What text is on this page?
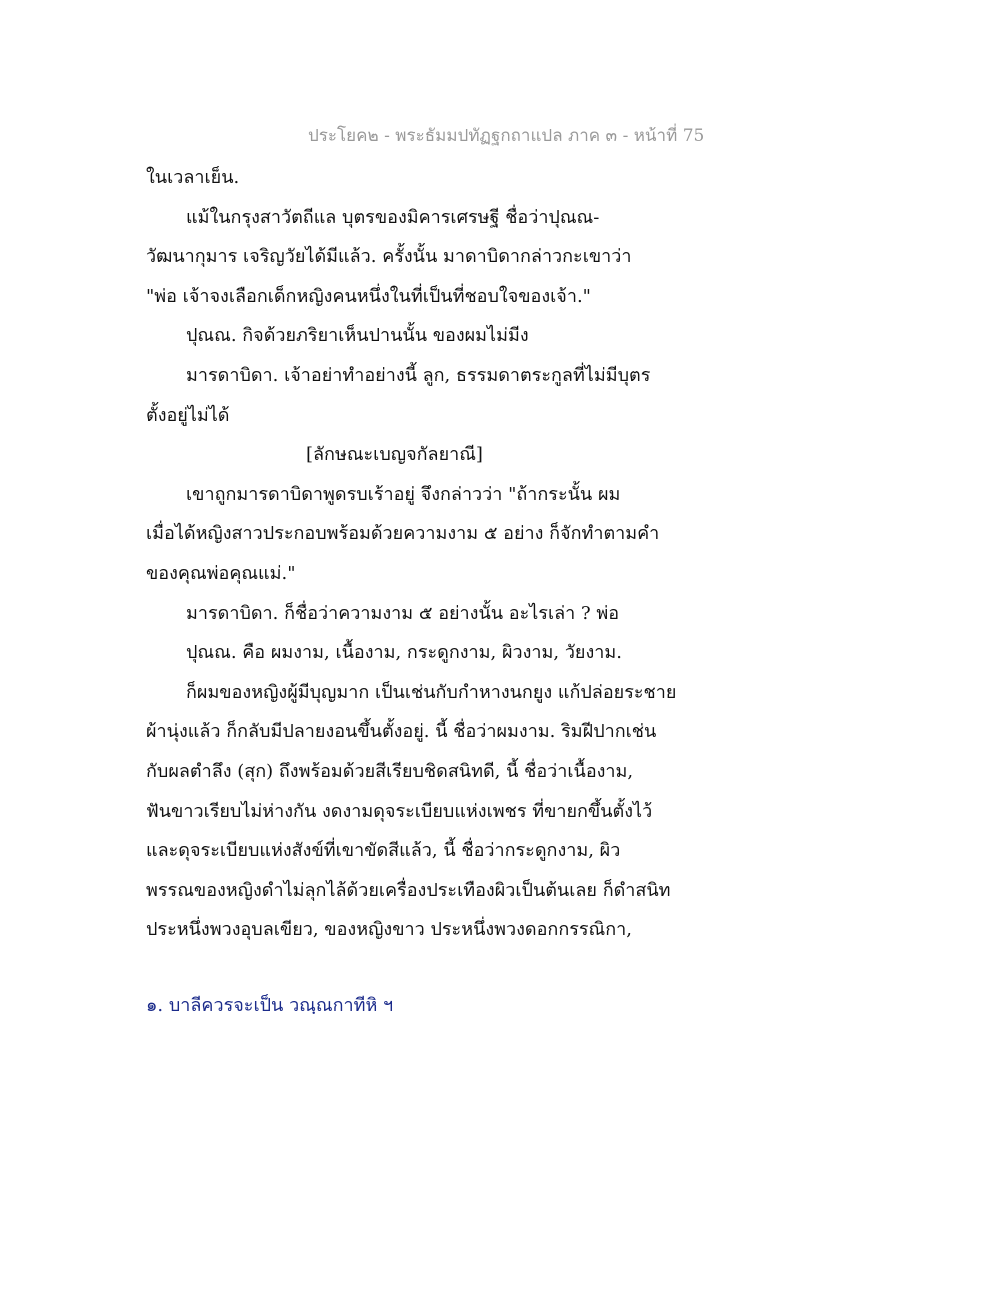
ประโยค๒ - พระธัมมปทัฏฐกถาแปล ภาค ๓ - หน้าที่ 75
ในเวลาเย็น.
แม้ในกรุงสาวัตถีแล บุตรของมิคารเศรษฐี ชื่อว่าปุณณ-
วัฒนากุมาร เจริญวัยได้มีแล้ว. ครั้งนั้น มาดาบิดากล่าวกะเขาว่า
"พ่อ เจ้าจงเลือกเด็กหญิงคนหนึ่งในที่เป็นที่ชอบใจของเจ้า."
ปุณณ. กิจด้วยภริยาเห็นปานนั้น ของผมไม่มีง
มารดาบิดา. เจ้าอย่าทำอย่างนี้ ลูก, ธรรมดาตระกูลที่ไม่มีบุตร
ตั้งอยู่ไม่ได้
[ลักษณะเบญจกัลยาณี]
เขาถูกมารดาบิดาพูดรบเร้าอยู่ จึงกล่าวว่า "ถ้ากระนั้น ผม
เมื่อได้หญิงสาวประกอบพร้อมด้วยความงาม ๕ อย่าง ก็จักทำตามคำ
ของคุณพ่อคุณแม่."
มารดาบิดา. ก็ชื่อว่าความงาม ๕ อย่างนั้น อะไรเล่า ? พ่อ
ปุณณ. คือ ผมงาม, เนื้องาม, กระดูกงาม, ผิวงาม, วัยงาม.
ก็ผมของหญิงผู้มีบุญมาก เป็นเช่นกับกำหางนกยูง แก้ปล่อยระชาย
ผ้านุ่งแล้ว ก็กลับมีปลายงอนขึ้นตั้งอยู่. นี้ ชื่อว่าผมงาม. ริมฝีปากเช่น
กับผลตำลึง (สุก) ถึงพร้อมด้วยสีเรียบชิดสนิทดี, นี้ ชื่อว่าเนื้องาม,
ฟันขาวเรียบไม่ห่างกัน งดงามดุจระเบียบแห่งเพชร ที่ขายกขึ้นตั้งไว้
และดุจระเบียบแห่งสังข์ที่เขาขัดสีแล้ว, นี้ ชื่อว่ากระดูกงาม, ผิว
พรรณของหญิงดำไม่ลุกไล้ด้วยเครื่องประเทืองผิวเป็นต้นเลย ก็ดำสนิท
ประหนึ่งพวงอุบลเขียว, ของหญิงขาว ประหนึ่งพวงดอกกรรณิกา,
๑. บาลีควรจะเป็น วณฺณกาทีหิ ฯ
